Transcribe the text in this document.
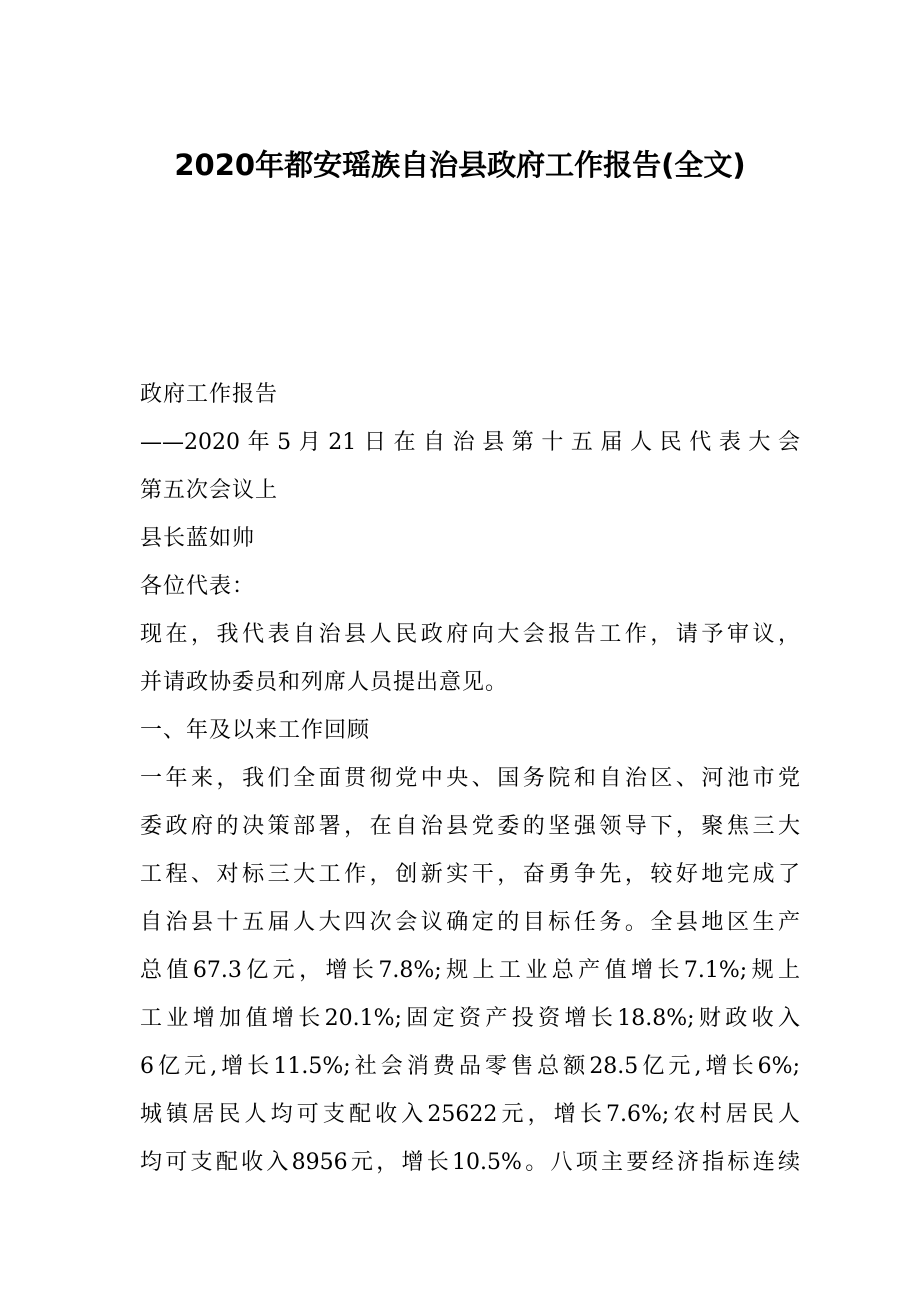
2020年都安瑶族自治县政府工作报告(全文)
政府工作报告
——2020年5月21日在自治县第十五届人民代表大会
第五次会议上
县长蓝如帅
各位代表：
现在，我代表自治县人民政府向大会报告工作，请予审议，
并请政协委员和列席人员提出意见。
一、年及以来工作回顾
一年来，我们全面贯彻党中央、国务院和自治区、河池市党
委政府的决策部署，在自治县党委的坚强领导下，聚焦三大
工程、对标三大工作，创新实干，奋勇争先，较好地完成了
自治县十五届人大四次会议确定的目标任务。全县地区生产
总值67.3亿元，增长7.8%;规上工业总产值增长7.1%;规上
工业增加值增长20.1%;固定资产投资增长18.8%;财政收入
6亿元,增长11.5%;社会消费品零售总额28.5亿元,增长6%;
城镇居民人均可支配收入25622元，增长7.6%;农村居民人
均可支配收入8956元，增长10.5%。八项主要经济指标连续
